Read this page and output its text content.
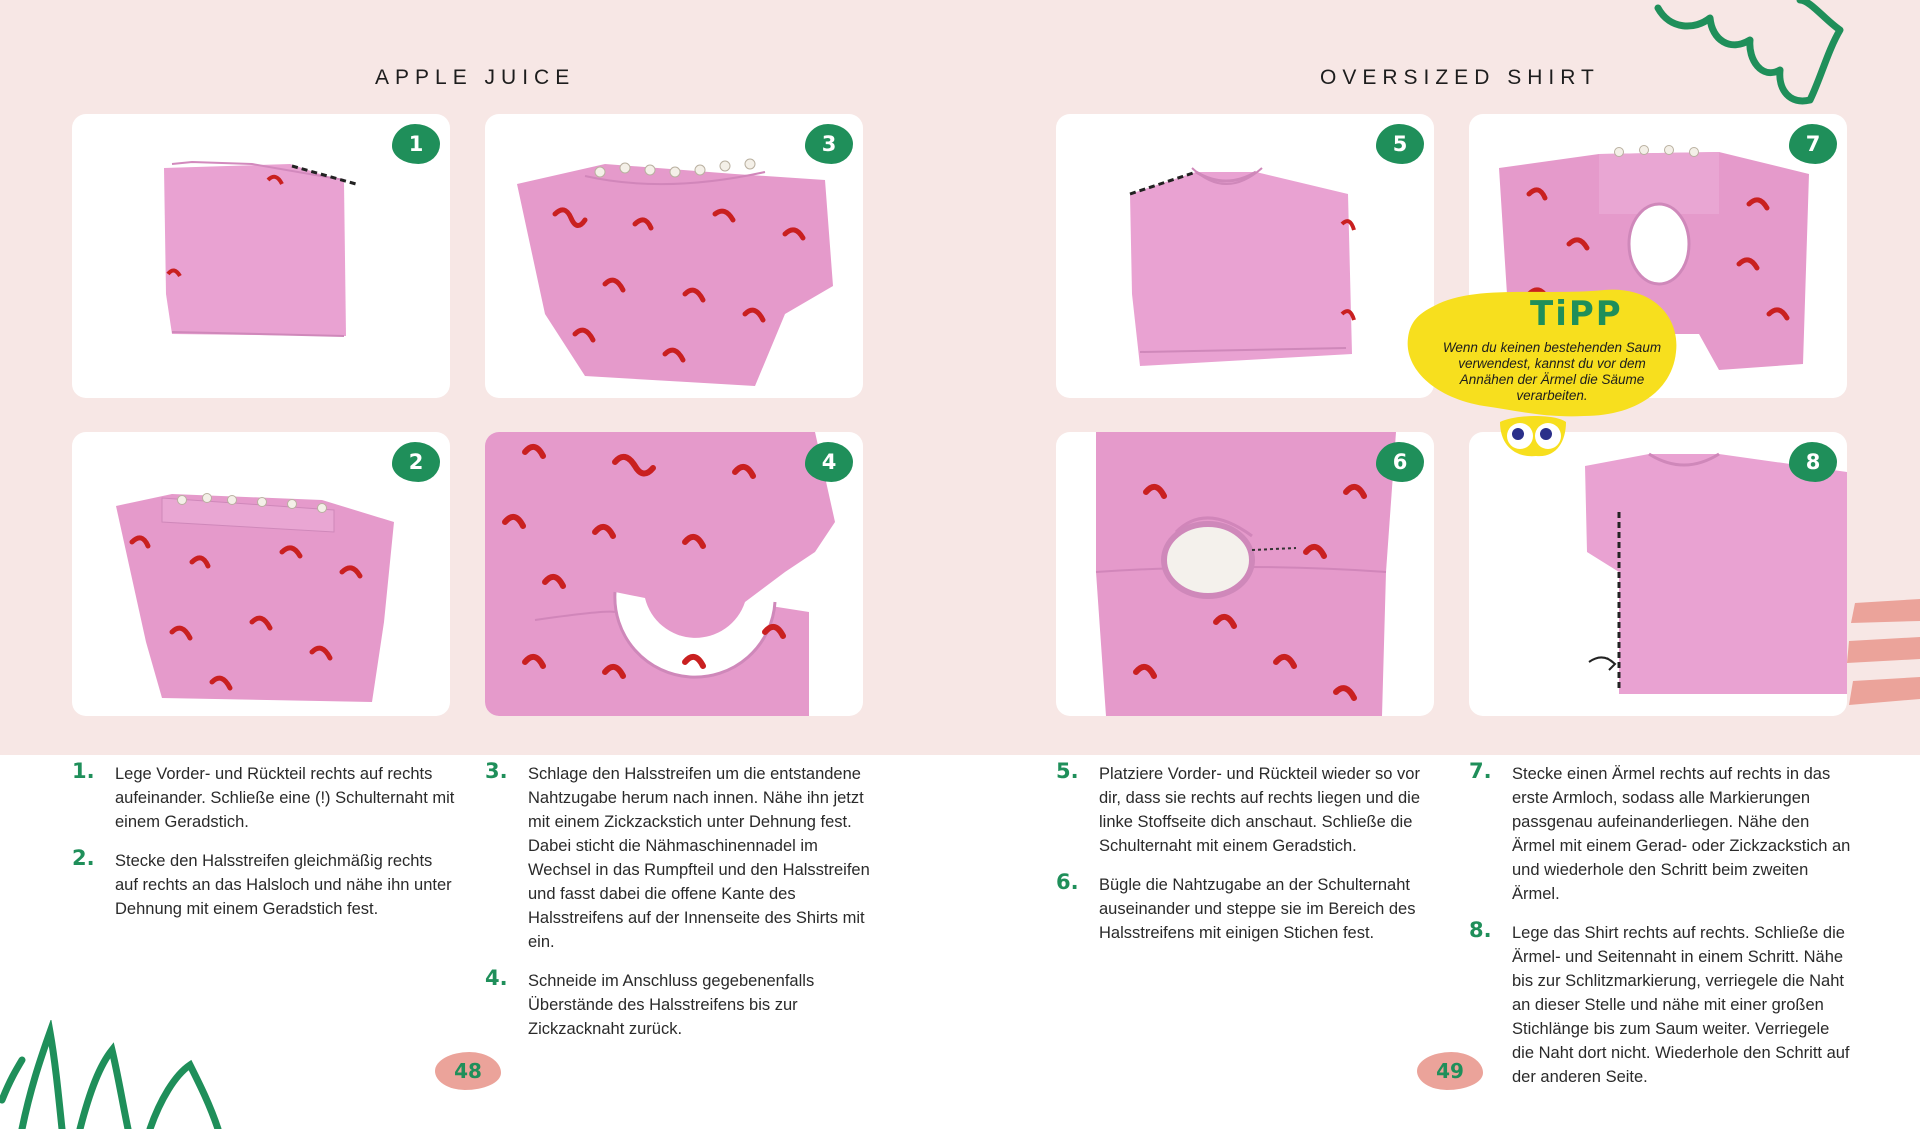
APPLE JUICE	OVERSIZED SHIRT
1	3
2	4
5	7
6	8
TiPP
Wenn du keinen bestehenden Saum verwendest, kannst du vor dem Annähen der Ärmel die Säume verarbeiten.
1. Lege Vorder- und Rückteil rechts auf rechts aufeinander. Schließe eine (!) Schulternaht mit einem Geradstich.
2. Stecke den Halsstreifen gleichmäßig rechts auf rechts an das Halsloch und nähe ihn unter Dehnung mit einem Geradstich fest.
3. Schlage den Halsstreifen um die entstandene Nahtzugabe herum nach innen. Nähe ihn jetzt mit einem Zickzackstich unter Dehnung fest. Dabei sticht die Nähmaschinennadel im Wechsel in das Rumpfteil und den Halsstreifen und fasst dabei die offene Kante des Halsstreifens auf der Innenseite des Shirts mit ein.
4. Schneide im Anschluss gegebenenfalls Überstände des Halsstreifens bis zur Zickzacknaht zurück.
5. Platziere Vorder- und Rückteil wieder so vor dir, dass sie rechts auf rechts liegen und die linke Stoffseite dich anschaut. Schließe die Schulternaht mit einem Geradstich.
6. Bügle die Nahtzugabe an der Schulternaht auseinander und steppe sie im Bereich des Halsstreifens mit einigen Stichen fest.
7. Stecke einen Ärmel rechts auf rechts in das erste Armloch, sodass alle Markierungen passgenau aufeinanderliegen. Nähe den Ärmel mit einem Gerad- oder Zickzackstich an und wiederhole den Schritt beim zweiten Ärmel.
8. Lege das Shirt rechts auf rechts. Schließe die Ärmel- und Seitennaht in einem Schritt. Nähe bis zur Schlitzmarkierung, verriegele die Naht an dieser Stelle und nähe mit einer großen Stichlänge bis zum Saum weiter. Verriegele die Naht dort nicht. Wiederhole den Schritt auf der anderen Seite.
48	49
